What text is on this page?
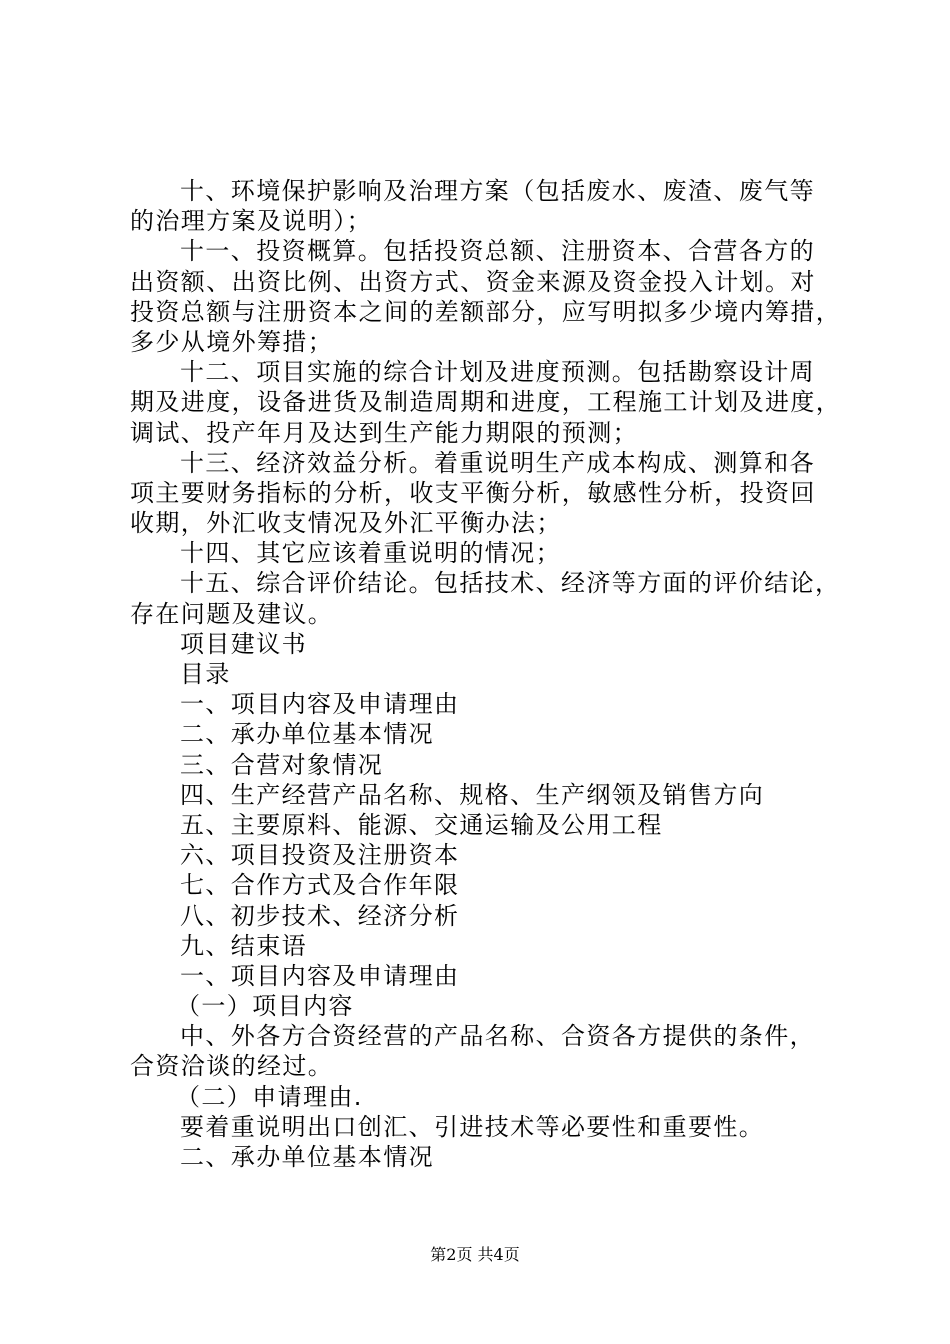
十、环境保护影响及治理方案（包括废水、废渣、废气等
的治理方案及说明）；
十一、投资概算。包括投资总额、注册资本、合营各方的
出资额、出资比例、出资方式、资金来源及资金投入计划。对
投资总额与注册资本之间的差额部分，应写明拟多少境内筹措，
多少从境外筹措；
十二、项目实施的综合计划及进度预测。包括勘察设计周
期及进度，设备进货及制造周期和进度，工程施工计划及进度，
调试、投产年月及达到生产能力期限的预测；
十三、经济效益分析。着重说明生产成本构成、测算和各
项主要财务指标的分析，收支平衡分析，敏感性分析，投资回
收期，外汇收支情况及外汇平衡办法；
十四、其它应该着重说明的情况；
十五、综合评价结论。包括技术、经济等方面的评价结论，
存在问题及建议。
项目建议书
目录
一、项目内容及申请理由
二、承办单位基本情况
三、合营对象情况
四、生产经营产品名称、规格、生产纲领及销售方向
五、主要原料、能源、交通运输及公用工程
六、项目投资及注册资本
七、合作方式及合作年限
八、初步技术、经济分析
九、结束语
一、项目内容及申请理由
（一）项目内容
中、外各方合资经营的产品名称、合资各方提供的条件，
合资洽谈的经过。
（二）申请理由.
要着重说明出口创汇、引进技术等必要性和重要性。
二、承办单位基本情况
第2页 共4页
